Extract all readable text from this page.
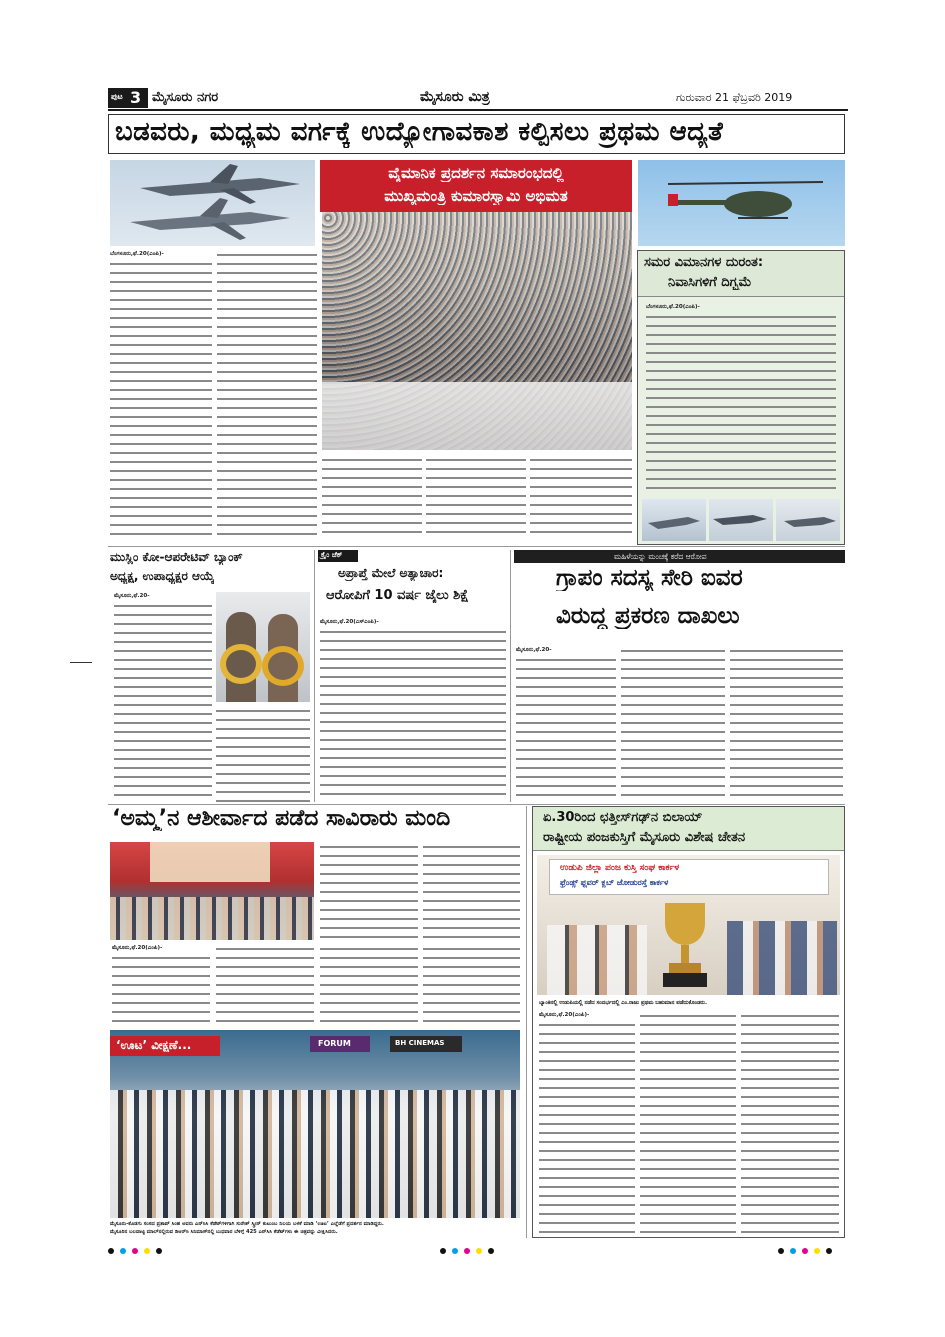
ಪುಟ 3 ಮೈಸೂರು ನಗರ	ಮೈಸೂರು ಮಿತ್ರ	ಗುರುವಾರ 21 ಫೆಬ್ರವರಿ 2019
ಬಡವರು, ಮಧ್ಯಮ ವರ್ಗಕ್ಕೆ ಉದ್ಯೋಗಾವಕಾಶ ಕಲ್ಪಿಸಲು ಪ್ರಥಮ ಆದ್ಯತೆ
ವೈಮಾನಿಕ ಪ್ರದರ್ಶನ ಸಮಾರಂಭದಲ್ಲಿ
ಮುಖ್ಯಮಂತ್ರಿ ಕುಮಾರಸ್ವಾಮಿ ಅಭಿಮತ
ಬೆಂಗಳೂರು,ಫೆ.20(ಎಂಪಿ)-
ಸಮರ ವಿಮಾನಗಳ ದುರಂತ:
ನಿವಾಸಿಗಳಿಗೆ ದಿಗ್ಭ್ರಮೆ
ಬೆಂಗಳೂರು,ಫೆ.20(ಎಂಪಿ)-
ಮುಸ್ಲಿಂ ಕೋ-ಆಪರೇಟಿವ್ ಬ್ಯಾಂಕ್
ಅಧ್ಯಕ್ಷ, ಉಪಾಧ್ಯಕ್ಷರ ಆಯ್ಕೆ
ಮೈಸೂರು,ಫೆ.20-
ಕ್ರೈಂ ಚೆಕ್
ಅಪ್ರಾಪ್ತೆ ಮೇಲೆ ಅತ್ಯಾಚಾರ:
ಆರೋಪಿಗೆ 10 ವರ್ಷ ಜೈಲು ಶಿಕ್ಷೆ
ಮೈಸೂರು,ಫೆ.20(ಎಸ್‌ಎಂಪಿ)-
ಮಹಿಳೆಯನ್ನು ಮಂಚಕ್ಕೆ ಕರೆದ ಆರೋಪ
ಗ್ರಾಪಂ ಸದಸ್ಯ ಸೇರಿ ಐವರ
ವಿರುದ್ಧ ಪ್ರಕರಣ ದಾಖಲು
ಮೈಸೂರು,ಫೆ.20-
‘ಅಮ್ಮ’ನ ಆಶೀರ್ವಾದ ಪಡೆದ ಸಾವಿರಾರು ಮಂದಿ
ಮೈಸೂರು,ಫೆ.20(ಎಂಪಿ)-
FORUM	BH CINEMAS
‘ಊಟ’ ವೀಕ್ಷಣೆ...
ಮೈಸೂರು-ಕೊಡಗು ಸಂಸದ ಪ್ರತಾಪ್ ಸಿಂಹ ಅವರು ಎನ್‌ಸಿಸಿ ಕೆಡೆಟ್‌ಗಳಿಗಾಗಿ ಸುರೇಶ್ ಸ್ಕ್ರೀನ್ ಕುಟುಂಬ ನಿಲಯ ಬಳಕೆ ಮಾಡಿ ‘ಊಟ’ ಎಲ್ಲೆಡೆಗೆ ಪ್ರದರ್ಶನ ಮಾಡಿದ್ದರು.
ಮೈಸೂರಿನ ಬಲವಾಟ್ಟಿ ಮಾಲ್‌ನಲ್ಲಿರುವ ಡಿಆರ್‌ಸಿ ಸಿನಿಮಾಸ್‌ನಲ್ಲಿ ಬುಧವಾರ ಬೆಳಿಗ್ಗೆ 425 ಎನ್‌ಸಿಸಿ ಕೆಡೆಟ್‌ಗಳು ಈ ಚಿತ್ರವನ್ನು ವೀಕ್ಷಿಸಿದರು.
ಏ.30ರಿಂದ ಛತ್ತೀಸ್‌ಗಢ್‌ನ ಬಿಲಾಯ್
ರಾಷ್ಟ್ರೀಯ ಪಂಜಕುಸ್ತಿಗೆ ಮೈಸೂರು ವಿಶೇಷ ಚೇತನ
ಉಡುಪಿ ಜಿಲ್ಲಾ ಪಂಜ ಕುಸ್ತಿ ಸಂಘ ಕಾರ್ಕಳ
ಫ್ರೆಂಡ್ಸ್ ಫ್ಲವರ್ ಕ್ಲಬ್ ಜೋಡುರಸ್ತೆ ಕಾರ್ಕಳ
ಬ್ಯಾಂಕಿನಲ್ಲಿ ಉಡುಪಿಯಲ್ಲಿ ನಡೆದ ಸಂದರ್ಭದಲ್ಲಿ ಎಂ.ರಾಜು ಪ್ರಥಮ ಬಹುಮಾನ ಪಡೆದುಕೊಂಡರು.
ಮೈಸೂರು,ಫೆ.20(ಎಂಪಿ)-
